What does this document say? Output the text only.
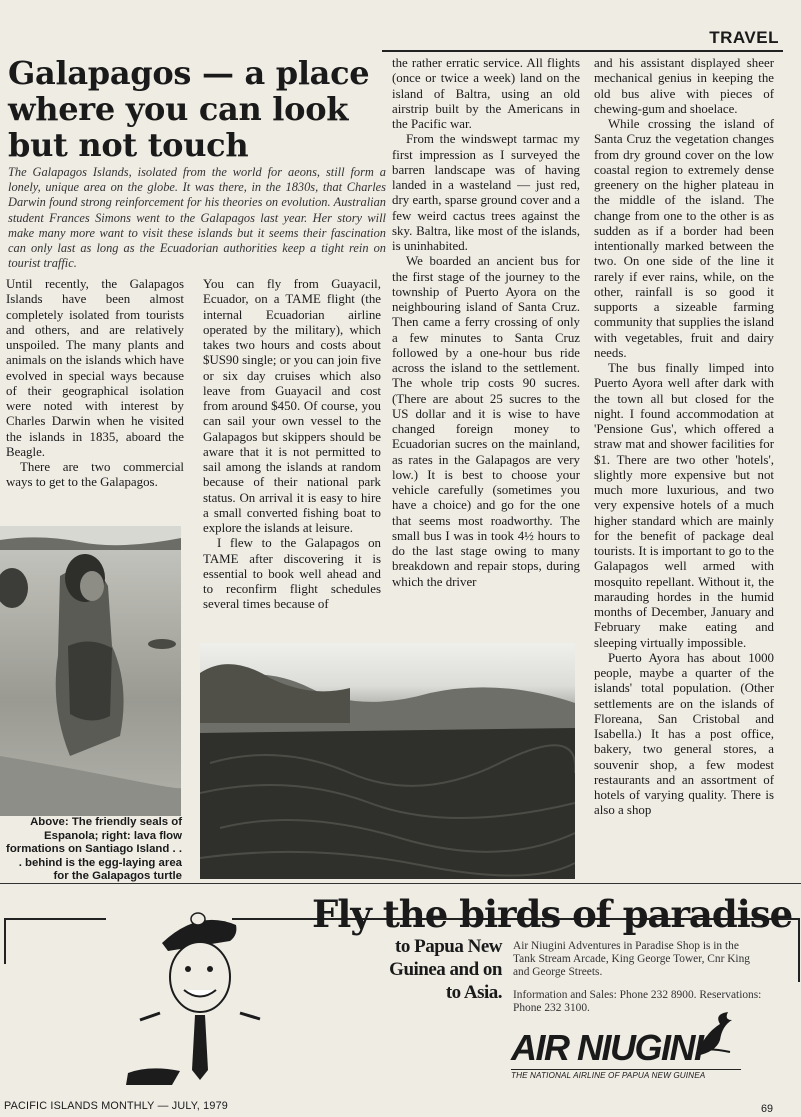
TRAVEL
Galapagos — a place where you can look but not touch
The Galapagos Islands, isolated from the world for aeons, still form a lonely, unique area on the globe. It was there, in the 1830s, that Charles Darwin found strong reinforcement for his theories on evolution. Australian student Frances Simons went to the Galapagos last year. Her story will make many more want to visit these islands but it seems their fascination can only last as long as the Ecuadorian authorities keep a tight rein on tourist traffic.

Until recently, the Galapagos Islands have been almost completely isolated from tourists and others, and are relatively unspoiled. The many plants and animals on the islands which have evolved in special ways because of their geographical isolation were noted with interest by Charles Darwin when he visited the islands in 1835, aboard the Beagle.

There are two commercial ways to get to the Galapagos.

You can fly from Guayacil, Ecuador, on a TAME flight (the internal Ecuadorian airline operated by the military), which takes two hours and costs about $US90 single; or you can join five or six day cruises which also leave from Guayacil and cost from around $450. Of course, you can sail your own vessel to the Galapagos but skippers should be aware that it is not permitted to sail among the islands at random because of their national park status. On arrival it is easy to hire a small converted fishing boat to explore the islands at leisure.

I flew to the Galapagos on TAME after discovering it is essential to book well ahead and to reconfirm flight schedules several times because of

the rather erratic service. All flights (once or twice a week) land on the island of Baltra, using an old airstrip built by the Americans in the Pacific war.

From the windswept tarmac my first impression as I surveyed the barren landscape was of having landed in a wasteland — just red, dry earth, sparse ground cover and a few weird cactus trees against the sky. Baltra, like most of the islands, is uninhabited.

We boarded an ancient bus for the first stage of the journey to the township of Puerto Ayora on the neighbouring island of Santa Cruz. Then came a ferry crossing of only a few minutes to Santa Cruz followed by a one-hour bus ride across the island to the settlement. The whole trip costs 90 sucres. (There are about 25 sucres to the US dollar and it is wise to have changed foreign money to Ecuadorian sucres on the mainland, as rates in the Galapagos are very low.) It is best to choose your vehicle carefully (sometimes you have a choice) and go for the one that seems most roadworthy. The small bus I was in took 4½ hours to do the last stage owing to many breakdown and repair stops, during which the driver

and his assistant displayed sheer mechanical genius in keeping the old bus alive with pieces of chewing-gum and shoelace.

While crossing the island of Santa Cruz the vegetation changes from dry ground cover on the low coastal region to extremely dense greenery on the higher plateau in the middle of the island. The change from one to the other is as sudden as if a border had been intentionally marked between the two. On one side of the line it rarely if ever rains, while, on the other, rainfall is so good it supports a sizeable farming community that supplies the island with vegetables, fruit and dairy needs.

The bus finally limped into Puerto Ayora well after dark with the town all but closed for the night. I found accommodation at 'Pensione Gus', which offered a straw mat and shower facilities for $1. There are two other 'hotels', slightly more expensive but not much more luxurious, and two very expensive hotels of a much higher standard which are mainly for the benefit of package deal tourists. It is important to go to the Galapagos well armed with mosquito repellant. Without it, the marauding hordes in the humid months of December, January and February make eating and sleeping virtually impossible.

Puerto Ayora has about 1000 people, maybe a quarter of the islands' total population. (Other settlements are on the islands of Floreana, San Cristobal and Isabella.) It has a post office, bakery, two general stores, a souvenir shop, a few modest restaurants and an assortment of hotels of varying quality. There is also a shop

Above: The friendly seals of Espanola; right: lava flow formations on Santiago Island . . . behind is the egg-laying area for the Galapagos turtle
Fly the birds of paradise
to Papua New Guinea and on to Asia.

Air Niugini Adventures in Paradise Shop is in the Tank Stream Arcade, King George Tower, Cnr King and George Streets.

Information and Sales: Phone 232 8900. Reservations: Phone 232 3100.

AIR NIUGINI
THE NATIONAL AIRLINE OF PAPUA NEW GUINEA
PACIFIC ISLANDS MONTHLY — JULY, 1979	69
